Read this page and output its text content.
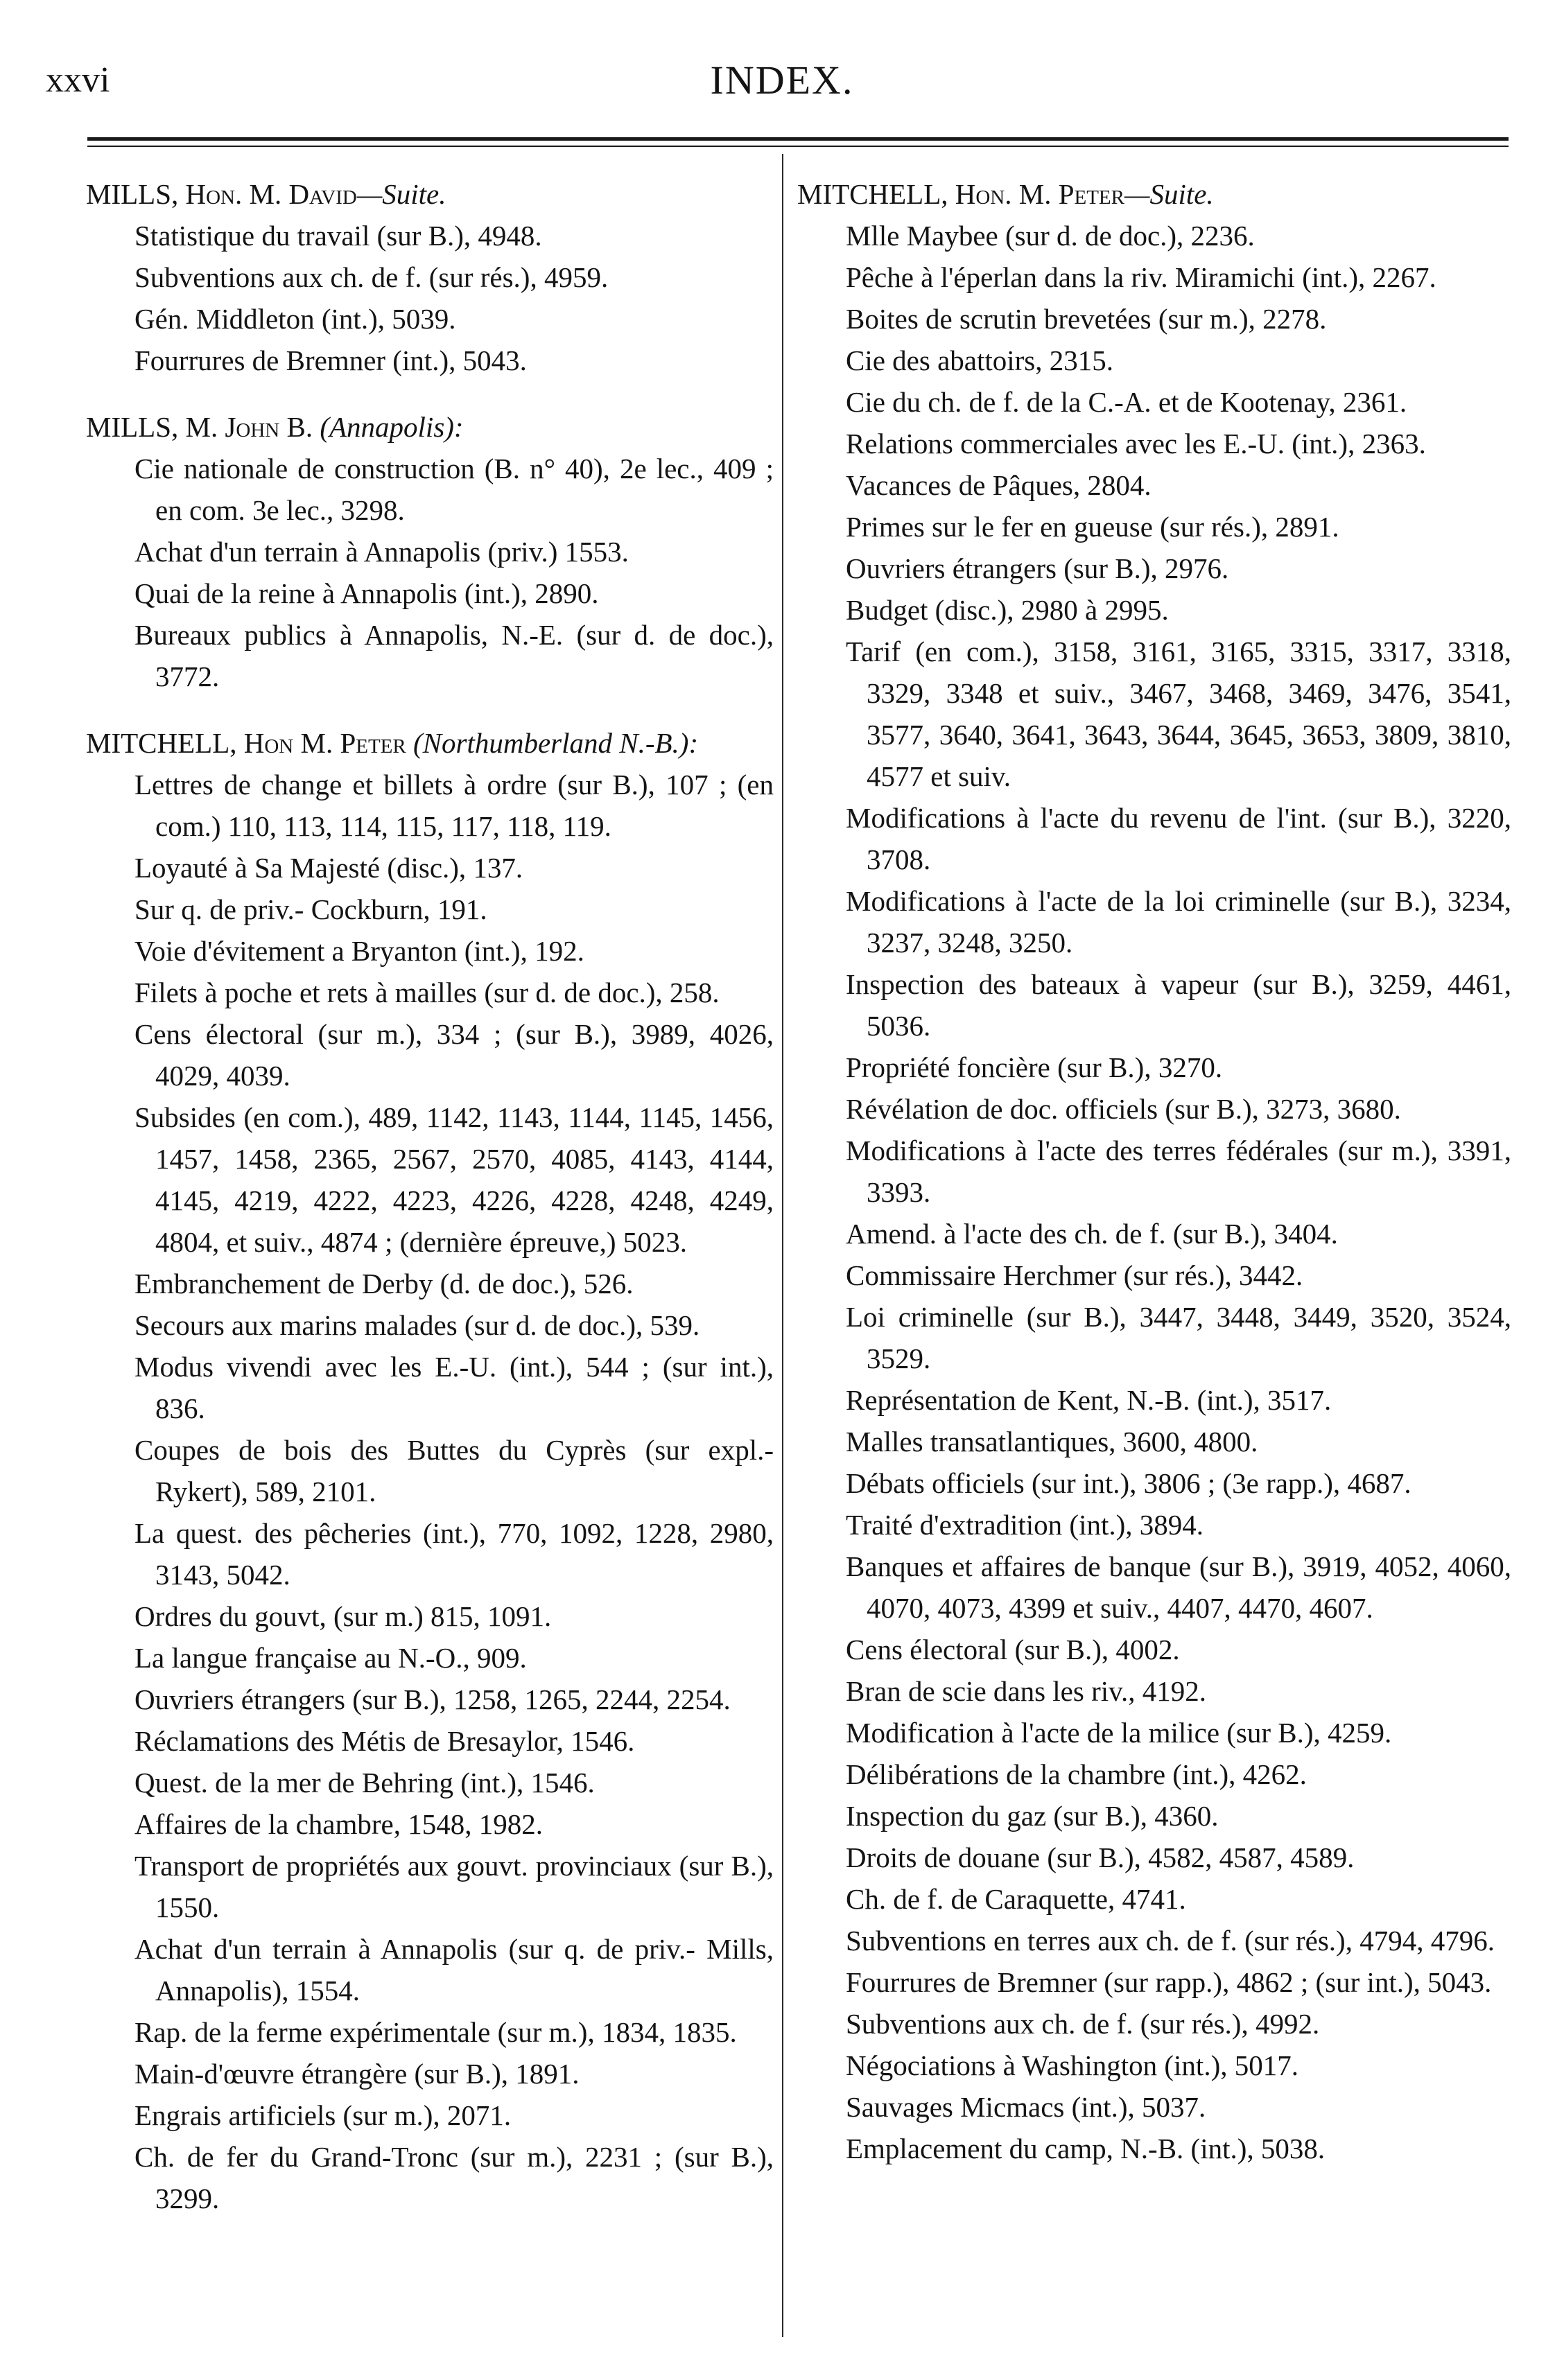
xxvi	INDEX.
MILLS, Hon. M. David—Suite.
Statistique du travail (sur B.), 4948.
Subventions aux ch. de f. (sur rés.), 4959.
Gén. Middleton (int.), 5039.
Fourrures de Bremner (int.), 5043.
MILLS, M. John B. (Annapolis):
Cie nationale de construction (B. n° 40), 2e lec., 409 ; en com. 3e lec., 3298.
Achat d'un terrain à Annapolis (priv.) 1553.
Quai de la reine à Annapolis (int.), 2890.
Bureaux publics à Annapolis, N.-E. (sur d. de doc.), 3772.
MITCHELL, Hon M. Peter (Northumberland N.-B.):
Lettres de change et billets à ordre (sur B.), 107 ; (en com.) 110, 113, 114, 115, 117, 118, 119.
Loyauté à Sa Majesté (disc.), 137.
Sur q. de priv.- Cockburn, 191.
Voie d'évitement a Bryanton (int.), 192.
Filets à poche et rets à mailles (sur d. de doc.), 258.
Cens électoral (sur m.), 334 ; (sur B.), 3989, 4026, 4029, 4039.
Subsides (en com.), 489, 1142, 1143, 1144, 1145, 1456, 1457, 1458, 2365, 2567, 2570, 4085, 4143, 4144, 4145, 4219, 4222, 4223, 4226, 4228, 4248, 4249, 4804, et suiv., 4874 ; (dernière épreuve,) 5023.
Embranchement de Derby (d. de doc.), 526.
Secours aux marins malades (sur d. de doc.), 539.
Modus vivendi avec les E.-U. (int.), 544 ; (sur int.), 836.
Coupes de bois des Buttes du Cyprès (sur expl.- Rykert), 589, 2101.
La quest. des pêcheries (int.), 770, 1092, 1228, 2980, 3143, 5042.
Ordres du gouvt, (sur m.) 815, 1091.
La langue française au N.-O., 909.
Ouvriers étrangers (sur B.), 1258, 1265, 2244, 2254.
Réclamations des Métis de Bresaylor, 1546.
Quest. de la mer de Behring (int.), 1546.
Affaires de la chambre, 1548, 1982.
Transport de propriétés aux gouvt. provinciaux (sur B.), 1550.
Achat d'un terrain à Annapolis (sur q. de priv.- Mills, Annapolis), 1554.
Rap. de la ferme expérimentale (sur m.), 1834, 1835.
Main-d'œuvre étrangère (sur B.), 1891.
Engrais artificiels (sur m.), 2071.
Ch. de fer du Grand-Tronc (sur m.), 2231 ; (sur B.), 3299.
MITCHELL, Hon. M. Peter—Suite.
Mlle Maybee (sur d. de doc.), 2236.
Pêche à l'éperlan dans la riv. Miramichi (int.), 2267.
Boites de scrutin brevetées (sur m.), 2278.
Cie des abattoirs, 2315.
Cie du ch. de f. de la C.-A. et de Kootenay, 2361.
Relations commerciales avec les E.-U. (int.), 2363.
Vacances de Pâques, 2804.
Primes sur le fer en gueuse (sur rés.), 2891.
Ouvriers étrangers (sur B.), 2976.
Budget (disc.), 2980 à 2995.
Tarif (en com.), 3158, 3161, 3165, 3315, 3317, 3318, 3329, 3348 et suiv., 3467, 3468, 3469, 3476, 3541, 3577, 3640, 3641, 3643, 3644, 3645, 3653, 3809, 3810, 4577 et suiv.
Modifications à l'acte du revenu de l'int. (sur B.), 3220, 3708.
Modifications à l'acte de la loi criminelle (sur B.), 3234, 3237, 3248, 3250.
Inspection des bateaux à vapeur (sur B.), 3259, 4461, 5036.
Propriété foncière (sur B.), 3270.
Révélation de doc. officiels (sur B.), 3273, 3680.
Modifications à l'acte des terres fédérales (sur m.), 3391, 3393.
Amend. à l'acte des ch. de f. (sur B.), 3404.
Commissaire Herchmer (sur rés.), 3442.
Loi criminelle (sur B.), 3447, 3448, 3449, 3520, 3524, 3529.
Représentation de Kent, N.-B. (int.), 3517.
Malles transatlantiques, 3600, 4800.
Débats officiels (sur int.), 3806 ; (3e rapp.), 4687.
Traité d'extradition (int.), 3894.
Banques et affaires de banque (sur B.), 3919, 4052, 4060, 4070, 4073, 4399 et suiv., 4407, 4470, 4607.
Cens électoral (sur B.), 4002.
Bran de scie dans les riv., 4192.
Modification à l'acte de la milice (sur B.), 4259.
Délibérations de la chambre (int.), 4262.
Inspection du gaz (sur B.), 4360.
Droits de douane (sur B.), 4582, 4587, 4589.
Ch. de f. de Caraquette, 4741.
Subventions en terres aux ch. de f. (sur rés.), 4794, 4796.
Fourrures de Bremner (sur rapp.), 4862 ; (sur int.), 5043.
Subventions aux ch. de f. (sur rés.), 4992.
Négociations à Washington (int.), 5017.
Sauvages Micmacs (int.), 5037.
Emplacement du camp, N.-B. (int.), 5038.
